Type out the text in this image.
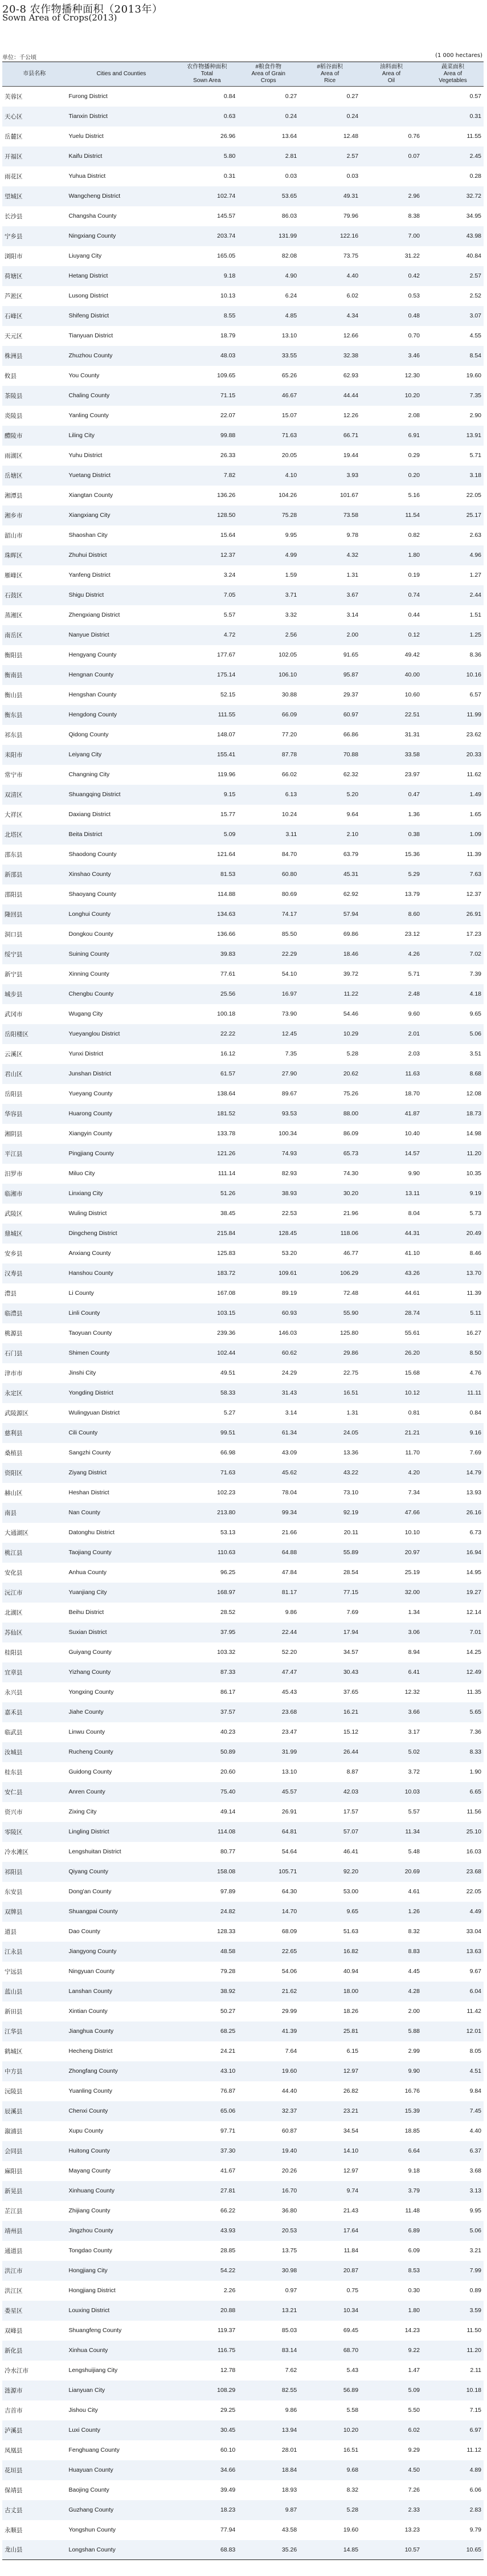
20-8 农作物播种面积（2013年）
Sown Area of Crops(2013)
单位：千公顷	(1 000 hectares)
市县名称	Cities and Counties	农作物播种面积
Total
Sown Area	#粮食作物
Area of Grain
Crops	#稻谷面积
Area of
Rice	油料面积
Area of
Oil	蔬菜面积
Area of
Vegetables
芙蓉区	Furong District	0.84	0.27	0.27		0.57
天心区	Tianxin District	0.63	0.24	0.24		0.31
岳麓区	Yuelu District	26.96	13.64	12.48	0.76	11.55
开福区	Kaifu District	5.80	2.81	2.57	0.07	2.45
雨花区	Yuhua District	0.31	0.03	0.03		0.28
望城区	Wangcheng District	102.74	53.65	49.31	2.96	32.72
长沙县	Changsha County	145.57	86.03	79.96	8.38	34.95
宁乡县	Ningxiang County	203.74	131.99	122.16	7.00	43.98
浏阳市	Liuyang City	165.05	82.08	73.75	31.22	40.84
荷塘区	Hetang District	9.18	4.90	4.40	0.42	2.57
芦淞区	Lusong District	10.13	6.24	6.02	0.53	2.52
石峰区	Shifeng District	8.55	4.85	4.34	0.48	3.07
天元区	Tianyuan District	18.79	13.10	12.66	0.70	4.55
株洲县	Zhuzhou County	48.03	33.55	32.38	3.46	8.54
攸县	You County	109.65	65.26	62.93	12.30	19.60
茶陵县	Chaling County	71.15	46.67	44.44	10.20	7.35
炎陵县	Yanling County	22.07	15.07	12.26	2.08	2.90
醴陵市	Liling City	99.88	71.63	66.71	6.91	13.91
雨湖区	Yuhu District	26.33	20.05	19.44	0.29	5.71
岳塘区	Yuetang District	7.82	4.10	3.93	0.20	3.18
湘潭县	Xiangtan County	136.26	104.26	101.67	5.16	22.05
湘乡市	Xiangxiang City	128.50	75.28	73.58	11.54	25.17
韶山市	Shaoshan City	15.64	9.95	9.78	0.82	2.63
珠晖区	Zhuhui District	12.37	4.99	4.32	1.80	4.96
雁峰区	Yanfeng District	3.24	1.59	1.31	0.19	1.27
石鼓区	Shigu District	7.05	3.71	3.67	0.74	2.44
蒸湘区	Zhengxiang District	5.57	3.32	3.14	0.44	1.51
南岳区	Nanyue District	4.72	2.56	2.00	0.12	1.25
衡阳县	Hengyang County	177.67	102.05	91.65	49.42	8.36
衡南县	Hengnan County	175.14	106.10	95.87	40.00	10.16
衡山县	Hengshan County	52.15	30.88	29.37	10.60	6.57
衡东县	Hengdong County	111.55	66.09	60.97	22.51	11.99
祁东县	Qidong County	148.07	77.20	66.86	31.31	23.62
耒阳市	Leiyang City	155.41	87.78	70.88	33.58	20.33
常宁市	Changning City	119.96	66.02	62.32	23.97	11.62
双清区	Shuangqing District	9.15	6.13	5.20	0.47	1.49
大祥区	Daxiang District	15.77	10.24	9.64	1.36	1.65
北塔区	Beita District	5.09	3.11	2.10	0.38	1.09
邵东县	Shaodong County	121.64	84.70	63.79	15.36	11.39
新邵县	Xinshao County	81.53	60.80	45.31	5.29	7.63
邵阳县	Shaoyang County	114.88	80.69	62.92	13.79	12.37
隆回县	Longhui County	134.63	74.17	57.94	8.60	26.91
洞口县	Dongkou County	136.66	85.50	69.86	23.12	17.23
绥宁县	Suining County	39.83	22.29	18.46	4.26	7.02
新宁县	Xinning County	77.61	54.10	39.72	5.71	7.39
城步县	Chengbu County	25.56	16.97	11.22	2.48	4.18
武冈市	Wugang City	100.18	73.90	54.46	9.60	9.65
岳阳楼区	Yueyanglou District	22.22	12.45	10.29	2.01	5.06
云溪区	Yunxi District	16.12	7.35	5.28	2.03	3.51
君山区	Junshan District	61.57	27.90	20.62	11.63	8.68
岳阳县	Yueyang County	138.64	89.67	75.26	18.70	12.08
华容县	Huarong County	181.52	93.53	88.00	41.87	18.73
湘阴县	Xiangyin County	133.78	100.34	86.09	10.40	14.98
平江县	Pingjiang County	121.26	74.93	65.73	14.57	11.20
汨罗市	Miluo City	111.14	82.93	74.30	9.90	10.35
临湘市	Linxiang City	51.26	38.93	30.20	13.11	9.19
武陵区	Wuling District	38.45	22.53	21.96	8.04	5.73
鼎城区	Dingcheng District	215.84	128.45	118.06	44.31	20.49
安乡县	Anxiang County	125.83	53.20	46.77	41.10	8.46
汉寿县	Hanshou County	183.72	109.61	106.29	43.26	13.70
澧县	Li County	167.08	89.19	72.48	44.61	11.39
临澧县	Linli County	103.15	60.93	55.90	28.74	5.11
桃源县	Taoyuan County	239.36	146.03	125.80	55.61	16.27
石门县	Shimen County	102.44	60.62	29.86	26.20	8.50
津市市	Jinshi City	49.51	24.29	22.75	15.68	4.76
永定区	Yongding District	58.33	31.43	16.51	10.12	11.11
武陵源区	Wulingyuan District	5.27	3.14	1.31	0.81	0.84
慈利县	Cili County	99.51	61.34	24.05	21.21	9.16
桑植县	Sangzhi County	66.98	43.09	13.36	11.70	7.69
资阳区	Ziyang District	71.63	45.62	43.22	4.20	14.79
赫山区	Heshan District	102.23	78.04	73.10	7.34	13.93
南县	Nan County	213.80	99.34	92.19	47.66	26.16
大通湖区	Datonghu District	53.13	21.66	20.11	10.10	6.73
桃江县	Taojiang County	110.63	64.88	55.89	20.97	16.94
安化县	Anhua County	96.25	47.84	28.54	25.19	14.95
沅江市	Yuanjiang City	168.97	81.17	77.15	32.00	19.27
北湖区	Beihu District	28.52	9.86	7.69	1.34	12.14
苏仙区	Suxian District	37.95	22.44	17.94	3.06	7.01
桂阳县	Guiyang County	103.32	52.20	34.57	8.94	14.25
宜章县	Yizhang County	87.33	47.47	30.43	6.41	12.49
永兴县	Yongxing County	86.17	45.43	37.65	12.32	11.35
嘉禾县	Jiahe County	37.57	23.68	16.21	3.66	5.65
临武县	Linwu County	40.23	23.47	15.12	3.17	7.36
汝城县	Rucheng County	50.89	31.99	26.44	5.02	8.33
桂东县	Guidong County	20.60	13.10	8.87	3.72	1.90
安仁县	Anren County	75.40	45.57	42.03	10.03	6.65
资兴市	Zixing City	49.14	26.91	17.57	5.57	11.56
零陵区	Lingling District	114.08	64.81	57.07	11.34	25.10
冷水滩区	Lengshuitan District	80.77	54.64	46.41	5.48	16.03
祁阳县	Qiyang County	158.08	105.71	92.20	20.69	23.68
东安县	Dong'an County	97.89	64.30	53.00	4.61	22.05
双牌县	Shuangpai County	24.82	14.70	9.65	1.26	4.49
道县	Dao County	128.33	68.09	51.63	8.32	33.04
江永县	Jiangyong County	48.58	22.65	16.82	8.83	13.63
宁远县	Ningyuan County	79.28	54.06	40.94	4.45	9.67
蓝山县	Lanshan County	38.92	21.62	18.00	4.28	6.04
新田县	Xintian County	50.27	29.99	18.26	2.00	11.42
江华县	Jianghua County	68.25	41.39	25.81	5.88	12.01
鹤城区	Hecheng District	24.21	7.64	6.15	2.99	8.05
中方县	Zhongfang County	43.10	19.60	12.97	9.90	4.51
沅陵县	Yuanling County	76.87	44.40	26.82	16.76	9.84
辰溪县	Chenxi County	65.06	32.37	23.21	15.39	7.45
溆浦县	Xupu County	97.71	60.87	34.54	18.85	4.40
会同县	Huitong County	37.30	19.40	14.10	6.64	6.37
麻阳县	Mayang County	41.67	20.26	12.97	9.18	3.68
新晃县	Xinhuang County	27.81	16.70	9.74	3.79	3.13
芷江县	Zhijiang County	66.22	36.80	21.43	11.48	9.95
靖州县	Jingzhou County	43.93	20.53	17.64	6.89	5.06
通道县	Tongdao County	28.85	13.75	11.84	6.09	3.21
洪江市	Hongjiang City	54.22	30.98	20.87	8.53	7.99
洪江区	Hongjiang District	2.26	0.97	0.75	0.30	0.89
娄星区	Louxing District	20.88	13.21	10.34	1.80	3.59
双峰县	Shuangfeng County	119.37	85.03	69.45	14.23	11.50
新化县	Xinhua County	116.75	83.14	68.70	9.22	11.20
冷水江市	Lengshuijiang City	12.78	7.62	5.43	1.47	2.11
涟源市	Lianyuan City	108.29	82.55	56.89	5.09	10.18
吉首市	Jishou City	29.25	9.86	5.58	5.50	7.15
泸溪县	Luxi County	30.45	13.94	10.20	6.02	6.97
凤凰县	Fenghuang County	60.10	28.01	16.51	9.29	11.12
花垣县	Huayuan County	34.66	18.84	9.68	4.50	4.89
保靖县	Baojing County	39.49	18.93	8.32	7.26	6.06
古丈县	Guzhang County	18.23	9.87	5.28	2.33	2.83
永顺县	Yongshun County	77.94	43.58	19.60	13.23	9.79
龙山县	Longshan County	68.83	35.26	14.85	10.57	10.65
